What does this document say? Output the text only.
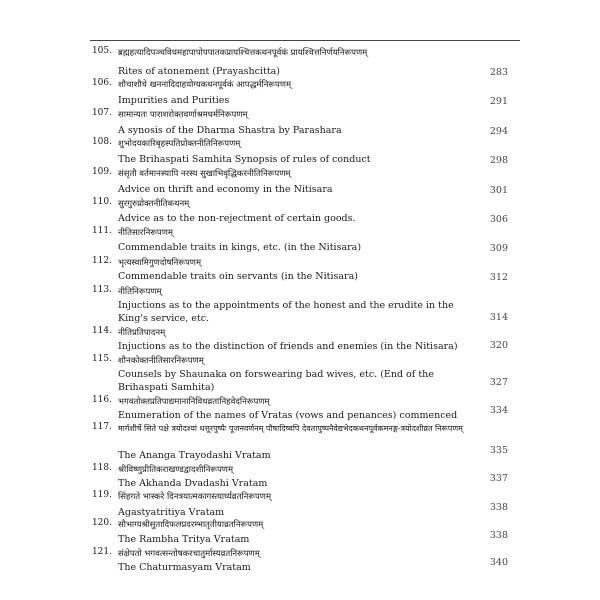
105. ब्रह्महत्यादिपञ्चविधमहापापोपपातकप्रायश्चित्तकथनपूर्वकं प्रायश्चित्तनिर्णयनिरूपणम्
Rites of atonement (Prayashcitta)	283
106. शौचाशौचे खननादिदाहयोग्यकथनपूर्वकं आपद्धर्मनिरूपणम्
Impurities and Purities	291
107. सामान्यतः पाराशरोक्तवर्णाश्रमधर्मनिरूपणम्
A synosis of the Dharma Shastra by Parashara	294
108. शुभोदयकारिबृहस्पतिप्रोक्तनीतिनिरूपणम्
The Brihaspati Samhita Synopsis of rules of conduct	298
109. संसृतौ वर्तमानस्यापि नरस्य सुखाभिवृद्धिकरनीतिनिरूपणम्
Advice on thrift and economy in the Nitisara	301
110. सुरगुरुप्रोक्तनीतिकथनम्
Advice as to the non-rejectment of certain goods.	306
111. नीतिसारनिरूपणम्
Commendable traits in kings, etc. (in the Nitisara)	309
112. भृत्यस्वामिगुणदोषनिरूपणम्
Commendable traits oin servants (in the Nitisara)	312
113. नीतिनिरूपणम्
Injuctions as to the appointments of the honest and the erudite in the King's service, etc.	314
114. नीतिप्रतिपादनम्
Injuctions as to the distinction of friends and enemies (in the Nitisara)	320
115. शौनकोक्तनीतिसारनिरूपणम्
Counsels by Shaunaka on forswearing bad wives, etc. (End of the Brihaspati Samhita)	327
116. भगवतोक्तप्रतिपाद्यमानानिविधव्रतानिहवेदनिरूपणम्
Enumeration of the names of Vratas (vows and penances) commenced	334
117. मार्गशीर्षे सिते पक्षे त्रयोदश्यां धत्तूरपुष्पैः पूजनवर्णनम् पौषादिष्वपि देवतापुष्पनैवेद्यभेदकथनपूर्वकमनङ्ग-त्रयोदशीव्रत निरूपणम्
The Ananga Trayodashi Vratam	335
118. श्रीविष्णुप्रीतिकराखण्डद्वादशीनिरूपणम्
The Akhanda Dvadashi Vratam	337
119. सिंहगते भास्करे दिनत्रयात्मकागस्त्यार्घ्यव्रतनिरूपणम्
Agastyatritiya Vratam	338
120. सौभाग्यश्रीसुतादिफलप्रदरम्भातृतीयाव्रतनिरूपणम्
The Rambha Tritya Vratam	338
121. संक्षेपतो भगवत्सन्तोषकरचातुर्मास्यव्रतनिरूपणम्
The Chaturmasyam Vratam	340
